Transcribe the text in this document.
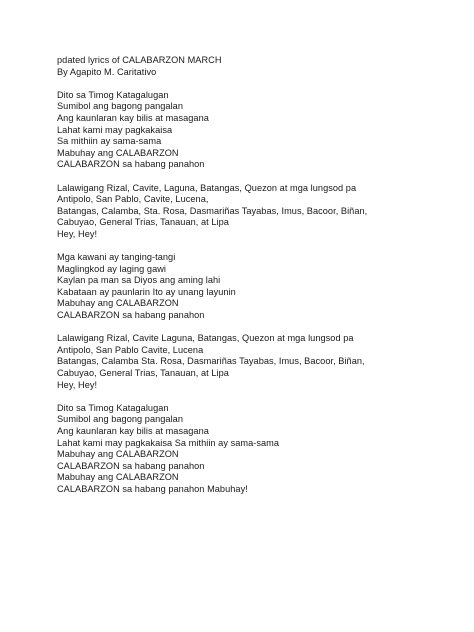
pdated lyrics of CALABARZON MARCH
By Agapito M. Caritativo
Dito sa Timog Katagalugan
Sumibol ang bagong pangalan
Ang kaunlaran kay bilis at masagana
Lahat kami may pagkakaisa
Sa mithiin ay sama-sama
Mabuhay ang CALABARZON
CALABARZON sa habang panahon
Lalawigang Rizal, Cavite, Laguna, Batangas, Quezon at mga lungsod pa
Antipolo, San Pablo, Cavite, Lucena,
Batangas, Calamba, Sta. Rosa, Dasmariñas Tayabas, Imus, Bacoor, Biñan,
Cabuyao, General Trias, Tanauan, at Lipa
Hey, Hey!
Mga kawani ay tanging-tangi
Maglingkod ay laging gawi
Kaylan pa man sa Diyos ang aming lahi
Kabataan ay paunlarin Ito ay unang layunin
Mabuhay ang CALABARZON
CALABARZON sa habang panahon
Lalawigang Rizal, Cavite Laguna, Batangas, Quezon at mga lungsod pa
Antipolo, San Pablo Cavite, Lucena
Batangas, Calamba Sta. Rosa, Dasmariñas Tayabas, Imus, Bacoor, Biñan,
Cabuyao, General Trias, Tanauan, at Lipa
Hey, Hey!
Dito sa Timog Katagalugan
Sumibol ang bagong pangalan
Ang kaunlaran kay bilis at masagana
Lahat kami may pagkakaisa Sa mithiin ay sama-sama
Mabuhay ang CALABARZON
CALABARZON sa habang panahon
Mabuhay ang CALABARZON
CALABARZON sa habang panahon Mabuhay!
